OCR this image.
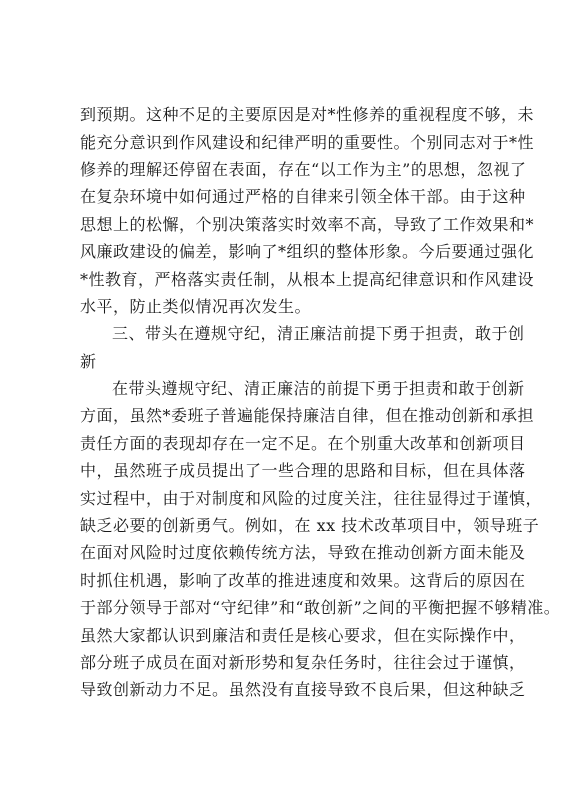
到预期。这种不足的主要原因是对*性修养的重视程度不够，未
能充分意识到作风建设和纪律严明的重要性。个别同志对于*性
修养的理解还停留在表面，存在“以工作为主”的思想，忽视了
在复杂环境中如何通过严格的自律来引领全体干部。由于这种
思想上的松懈，个别决策落实时效率不高，导致了工作效果和*
风廉政建设的偏差，影响了*组织的整体形象。今后要通过强化
*性教育，严格落实责任制，从根本上提高纪律意识和作风建设
水平，防止类似情况再次发生。
三、带头在遵规守纪，清正廉洁前提下勇于担责，敢于创
新
在带头遵规守纪、清正廉洁的前提下勇于担责和敢于创新
方面，虽然*委班子普遍能保持廉洁自律，但在推动创新和承担
责任方面的表现却存在一定不足。在个别重大改革和创新项目
中，虽然班子成员提出了一些合理的思路和目标，但在具体落
实过程中，由于对制度和风险的过度关注，往往显得过于谨慎，
缺乏必要的创新勇气。例如，在 xx 技术改革项目中，领导班子
在面对风险时过度依赖传统方法，导致在推动创新方面未能及
时抓住机遇，影响了改革的推进速度和效果。这背后的原因在
于部分领导于部对“守纪律”和“敢创新”之间的平衡把握不够精准。
虽然大家都认识到廉洁和责任是核心要求，但在实际操作中，
部分班子成员在面对新形势和复杂任务时，往往会过于谨慎，
导致创新动力不足。虽然没有直接导致不良后果，但这种缺乏
